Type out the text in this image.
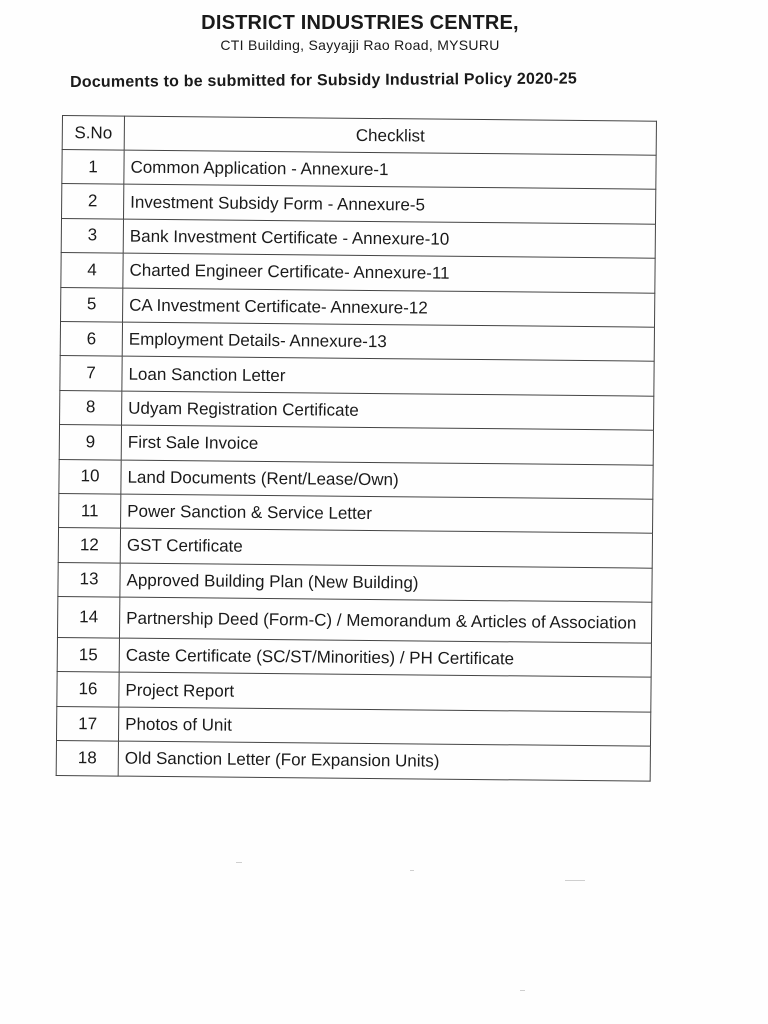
DISTRICT INDUSTRIES CENTRE,
CTI Building, Sayyajji Rao Road, MYSURU
Documents to be submitted for Subsidy Industrial Policy 2020-25
S.No	Checklist
1	Common Application - Annexure-1
2	Investment Subsidy Form - Annexure-5
3	Bank Investment Certificate - Annexure-10
4	Charted Engineer Certificate- Annexure-11
5	CA Investment Certificate- Annexure-12
6	Employment Details- Annexure-13
7	Loan Sanction Letter
8	Udyam Registration Certificate
9	First Sale Invoice
10	Land Documents (Rent/Lease/Own)
11	Power Sanction & Service Letter
12	GST Certificate
13	Approved Building Plan (New Building)
14	Partnership Deed (Form-C) / Memorandum & Articles of Association
15	Caste Certificate (SC/ST/Minorities) / PH Certificate
16	Project Report
17	Photos of Unit
18	Old Sanction Letter (For Expansion Units)
